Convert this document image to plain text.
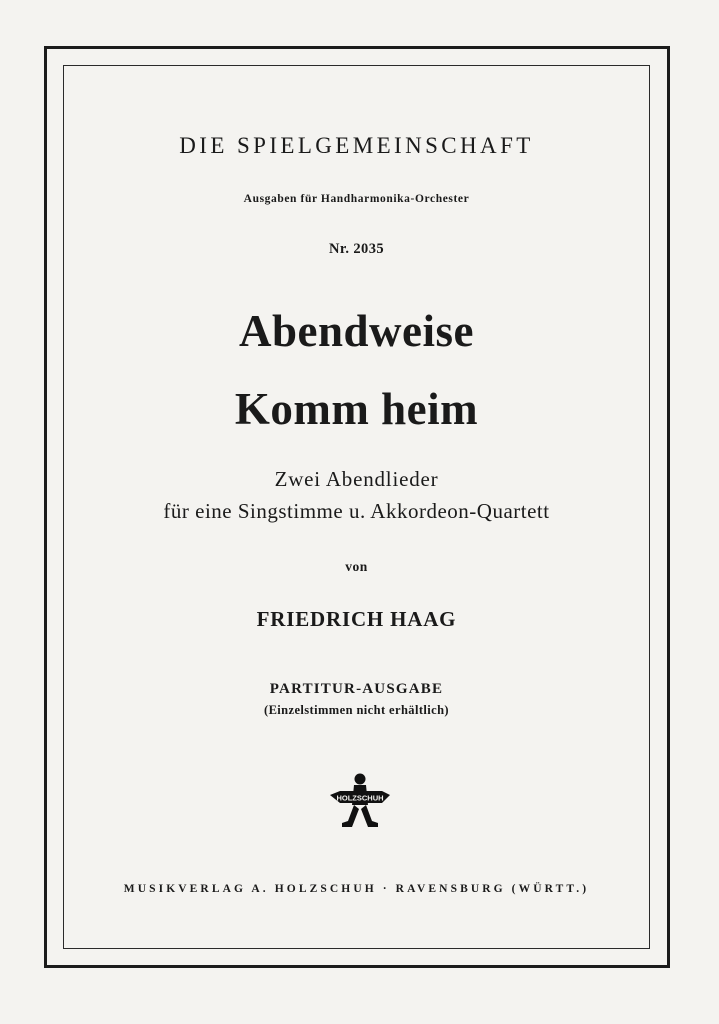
DIE SPIELGEMEINSCHAFT
Ausgaben für Handharmonika-Orchester
Nr. 2035
Abendweise
Komm heim
Zwei Abendlieder
für eine Singstimme u. Akkordeon-Quartett
von
FRIEDRICH HAAG
PARTITUR-AUSGABE
(Einzelstimmen nicht erhältlich)
HOLZSCHUH
MUSIKVERLAG A. HOLZSCHUH · RAVENSBURG (WÜRTT.)
